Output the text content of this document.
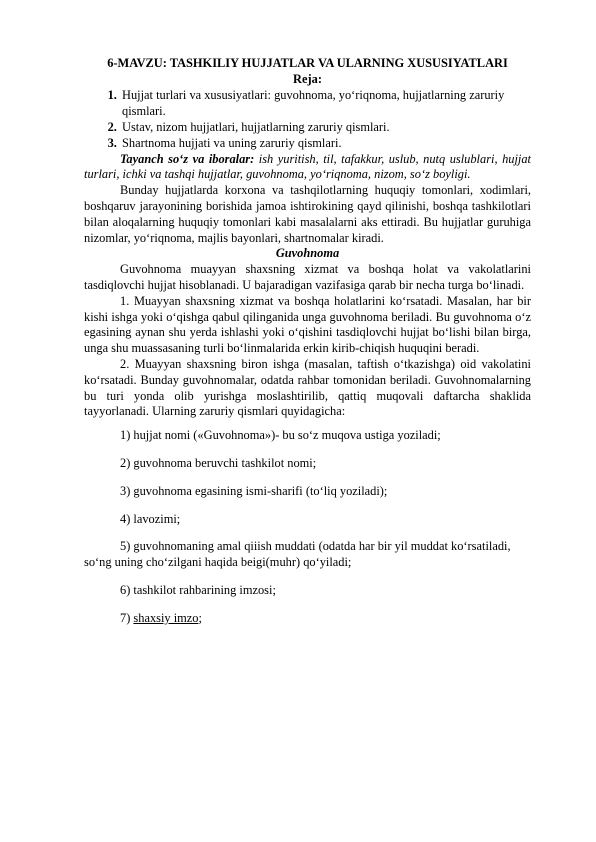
6-MAVZU: TASHKILIY HUJJATLAR VA ULARNING XUSUSIYATLARI
Reja:
1. Hujjat turlari va xususiyatlari: guvohnoma, yo‘riqnoma, hujjatlarning zaruriy qismlari.
2. Ustav, nizom hujjatlari, hujjatlarning zaruriy qismlari.
3. Shartnoma hujjati va uning zaruriy qismlari.

Tayanch so‘z va iboralar: ish yuritish, til, tafakkur, uslub, nutq uslublari, hujjat turlari, ichki va tashqi hujjatlar, guvohnoma, yo‘riqnoma, nizom, so‘z boyligi.

Bunday hujjatlarda korxona va tashqilotlarning huquqiy tomonlari, xodimlari, boshqaruv jarayonining borishida jamoa ishtirokining qayd qilinishi, boshqa tashkilotlari bilan aloqalarning huquqiy tomonlari kabi masalalarni aks ettiradi. Bu hujjatlar guruhiga nizomlar, yo‘riqnoma, majlis bayonlari, shartnomalar kiradi.

Guvohnoma

Guvohnoma muayyan shaxsning xizmat va boshqa holat va vakolatlarini tasdiqlovchi hujjat hisoblanadi. U bajaradigan vazifasiga qarab bir necha turga bo‘linadi.

1. Muayyan shaxsning xizmat va boshqa holatlarini ko‘rsatadi. Masalan, har bir kishi ishga yoki o‘qishga qabul qilinganida unga guvohnoma beriladi. Bu guvohnoma o‘z egasining aynan shu yerda ishlashi yoki o‘qishini tasdiqlovchi hujjat bo‘lishi bilan birga, unga shu muassasaning turli bo‘linmalarida erkin kirib-chiqish huquqini beradi.

2. Muayyan shaxsning biron ishga (masalan, taftish o‘tkazishga) oid vakolatini ko‘rsatadi. Bunday guvohnomalar, odatda rahbar tomonidan beriladi. Guvohnomalarning bu turi yonda olib yurishga moslashtirilib, qattiq muqovali daftarcha shaklida tayyorlanadi. Ularning zaruriy qismlari quyidagicha:

1) hujjat nomi («Guvohnoma»)- bu so‘z muqova ustiga yoziladi;

2) guvohnoma beruvchi tashkilot nomi;

3) guvohnoma egasining ismi-sharifi (to‘liq yoziladi);

4) lavozimi;

5) guvohnomaning amal qiiish muddati (odatda har bir yil muddat ko‘rsatiladi, so‘ng uning cho‘zilgani haqida beigi(muhr) qo‘yiladi;

6) tashkilot rahbarining imzosi;

7) shaxsiy imzo;
